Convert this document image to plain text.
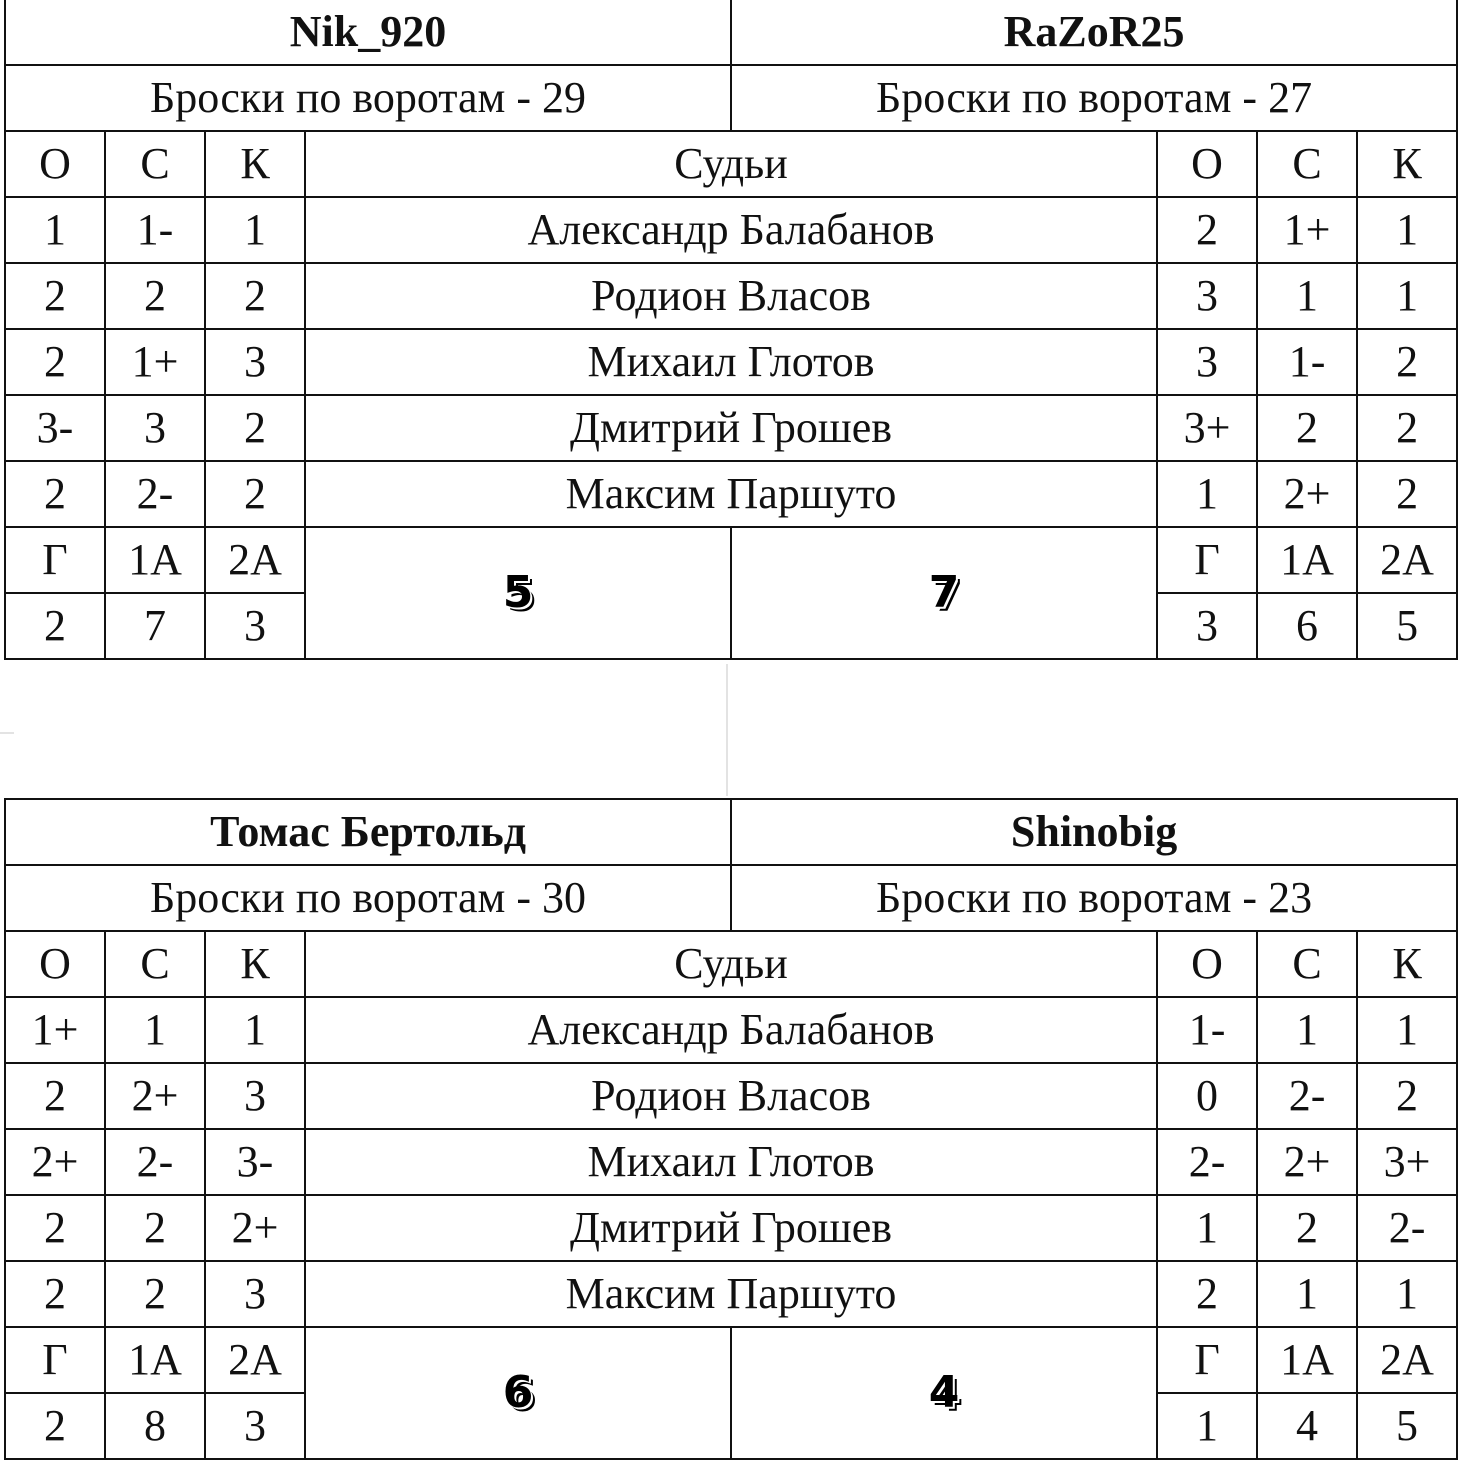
Nik_920				RaZoR25			
Броски по воротам - 29				Броски по воротам - 27			
О	С	К	Судьи		О	С	К
1	1-	1	Александр Балабанов		2	1+	1
2	2	2	Родион Власов		3	1	1
2	1+	3	Михаил Глотов		3	1-	2
3-	3	2	Дмитрий Грошев		3+	2	2
2	2-	2	Максим Паршуто		1	2+	2
Г	1А	2А	5	7	Г	1А	2А
2	7	3			3	6	5
Томас Бертольд				Shinobig			
Броски по воротам - 30				Броски по воротам - 23			
О	С	К	Судьи		О	С	К
1+	1	1	Александр Балабанов		1-	1	1
2	2+	3	Родион Власов		0	2-	2
2+	2-	3-	Михаил Глотов		2-	2+	3+
2	2	2+	Дмитрий Грошев		1	2	2-
2	2	3	Максим Паршуто		2	1	1
Г	1А	2А	6	4	Г	1А	2А
2	8	3			1	4	5
